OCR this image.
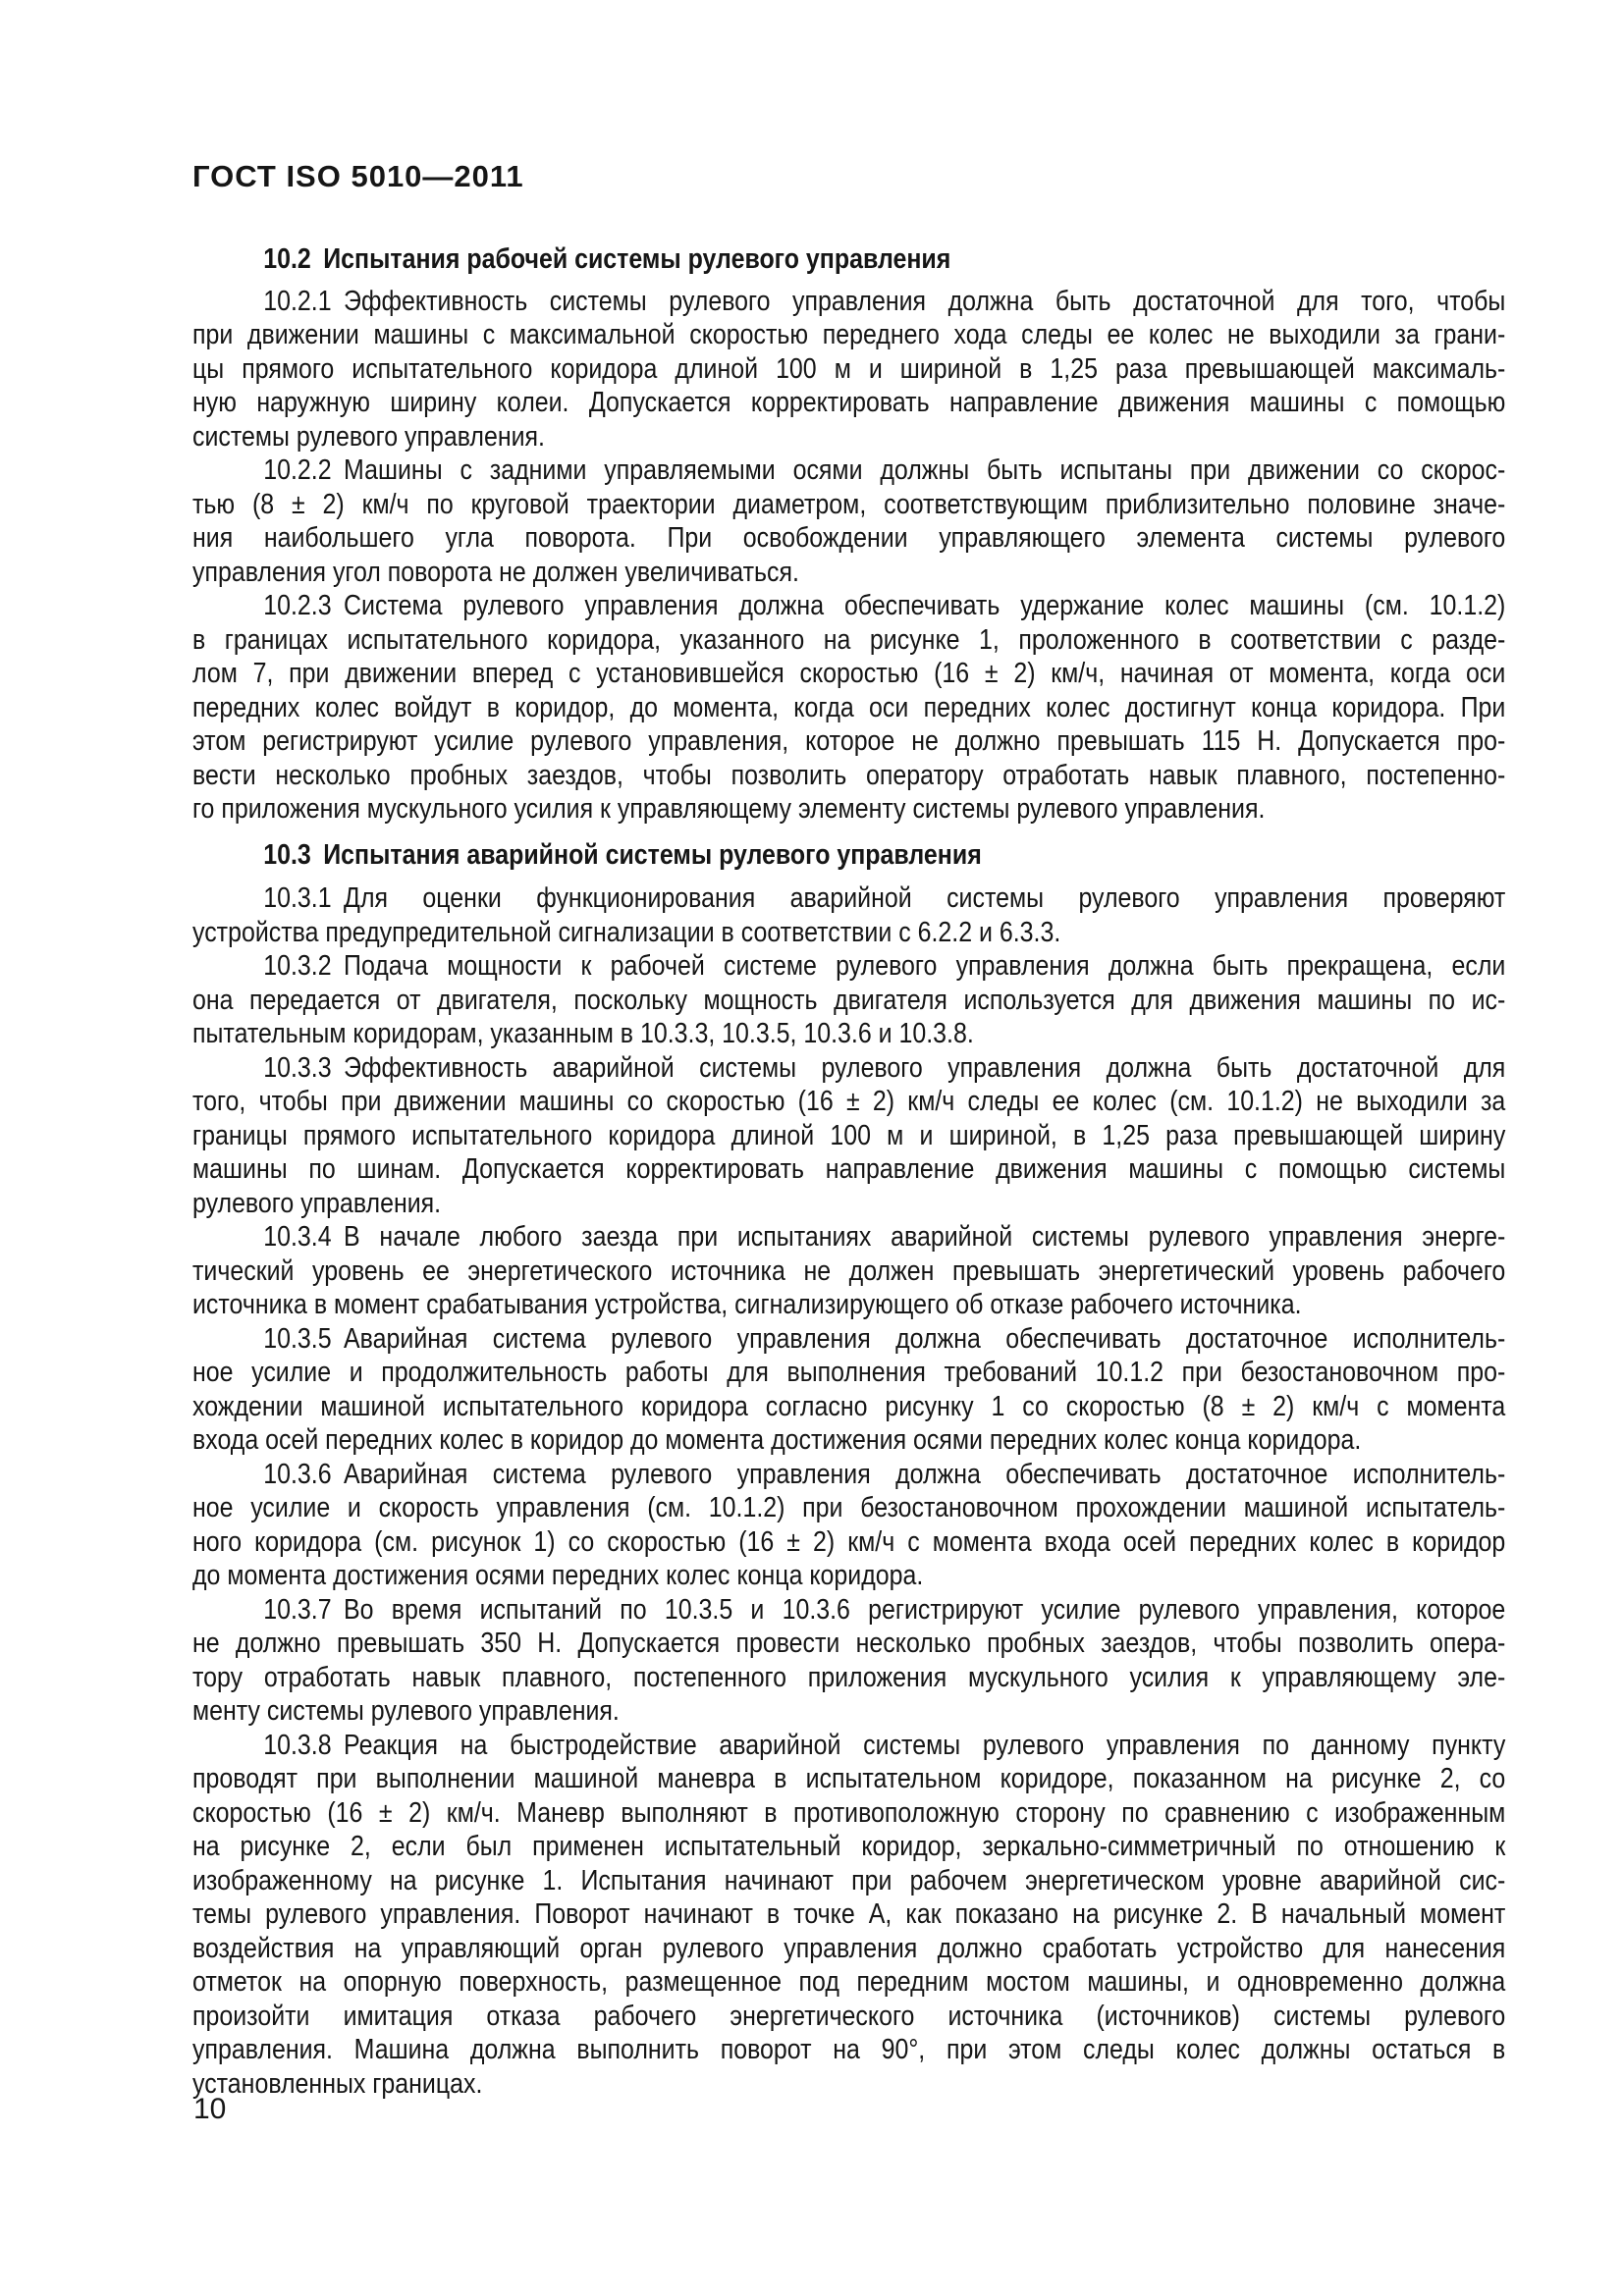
ГОСТ ISO 5010—2011
10.2 Испытания рабочей системы рулевого управления
10.2.1 Эффективность системы рулевого управления должна быть достаточной для того, чтобы
при движении машины с максимальной скоростью переднего хода следы ее колес не выходили за грани-
цы прямого испытательного коридора длиной 100 м и шириной в 1,25 раза превышающей максималь-
ную наружную ширину колеи. Допускается корректировать направление движения машины с помощью
системы рулевого управления.
10.2.2 Машины с задними управляемыми осями должны быть испытаны при движении со скорос-
тью (8 ± 2) км/ч по круговой траектории диаметром, соответствующим приблизительно половине значе-
ния наибольшего угла поворота. При освобождении управляющего элемента системы рулевого
управления угол поворота не должен увеличиваться.
10.2.3 Система рулевого управления должна обеспечивать удержание колес машины (см. 10.1.2)
в границах испытательного коридора, указанного на рисунке 1, проложенного в соответствии с разде-
лом 7, при движении вперед с установившейся скоростью (16 ± 2) км/ч, начиная от момента, когда оси
передних колес войдут в коридор, до момента, когда оси передних колес достигнут конца коридора. При
этом регистрируют усилие рулевого управления, которое не должно превышать 115 Н. Допускается про-
вести несколько пробных заездов, чтобы позволить оператору отработать навык плавного, постепенно-
го приложения мускульного усилия к управляющему элементу системы рулевого управления.
10.3 Испытания аварийной системы рулевого управления
10.3.1 Для оценки функционирования аварийной системы рулевого управления проверяют
устройства предупредительной сигнализации в соответствии с 6.2.2 и 6.3.3.
10.3.2 Подача мощности к рабочей системе рулевого управления должна быть прекращена, если
она передается от двигателя, поскольку мощность двигателя используется для движения машины по ис-
пытательным коридорам, указанным в 10.3.3, 10.3.5, 10.3.6 и 10.3.8.
10.3.3 Эффективность аварийной системы рулевого управления должна быть достаточной для
того, чтобы при движении машины со скоростью (16 ± 2) км/ч следы ее колес (см. 10.1.2) не выходили за
границы прямого испытательного коридора длиной 100 м и шириной, в 1,25 раза превышающей ширину
машины по шинам. Допускается корректировать направление движения машины с помощью системы
рулевого управления.
10.3.4 В начале любого заезда при испытаниях аварийной системы рулевого управления энерге-
тический уровень ее энергетического источника не должен превышать энергетический уровень рабочего
источника в момент срабатывания устройства, сигнализирующего об отказе рабочего источника.
10.3.5 Аварийная система рулевого управления должна обеспечивать достаточное исполнитель-
ное усилие и продолжительность работы для выполнения требований 10.1.2 при безостановочном про-
хождении машиной испытательного коридора согласно рисунку 1 со скоростью (8 ± 2) км/ч с момента
входа осей передних колес в коридор до момента достижения осями передних колес конца коридора.
10.3.6 Аварийная система рулевого управления должна обеспечивать достаточное исполнитель-
ное усилие и скорость управления (см. 10.1.2) при безостановочном прохождении машиной испытатель-
ного коридора (см. рисунок 1) со скоростью (16 ± 2) км/ч с момента входа осей передних колес в коридор
до момента достижения осями передних колес конца коридора.
10.3.7 Во время испытаний по 10.3.5 и 10.3.6 регистрируют усилие рулевого управления, которое
не должно превышать 350 Н. Допускается провести несколько пробных заездов, чтобы позволить опера-
тору отработать навык плавного, постепенного приложения мускульного усилия к управляющему эле-
менту системы рулевого управления.
10.3.8 Реакция на быстродействие аварийной системы рулевого управления по данному пункту
проводят при выполнении машиной маневра в испытательном коридоре, показанном на рисунке 2, со
скоростью (16 ± 2) км/ч. Маневр выполняют в противоположную сторону по сравнению с изображенным
на рисунке 2, если был применен испытательный коридор, зеркально-симметричный по отношению к
изображенному на рисунке 1. Испытания начинают при рабочем энергетическом уровне аварийной сис-
темы рулевого управления. Поворот начинают в точке А, как показано на рисунке 2. В начальный момент
воздействия на управляющий орган рулевого управления должно сработать устройство для нанесения
отметок на опорную поверхность, размещенное под передним мостом машины, и одновременно должна
произойти имитация отказа рабочего энергетического источника (источников) системы рулевого
управления. Машина должна выполнить поворот на 90°, при этом следы колес должны остаться в
установленных границах.
10
